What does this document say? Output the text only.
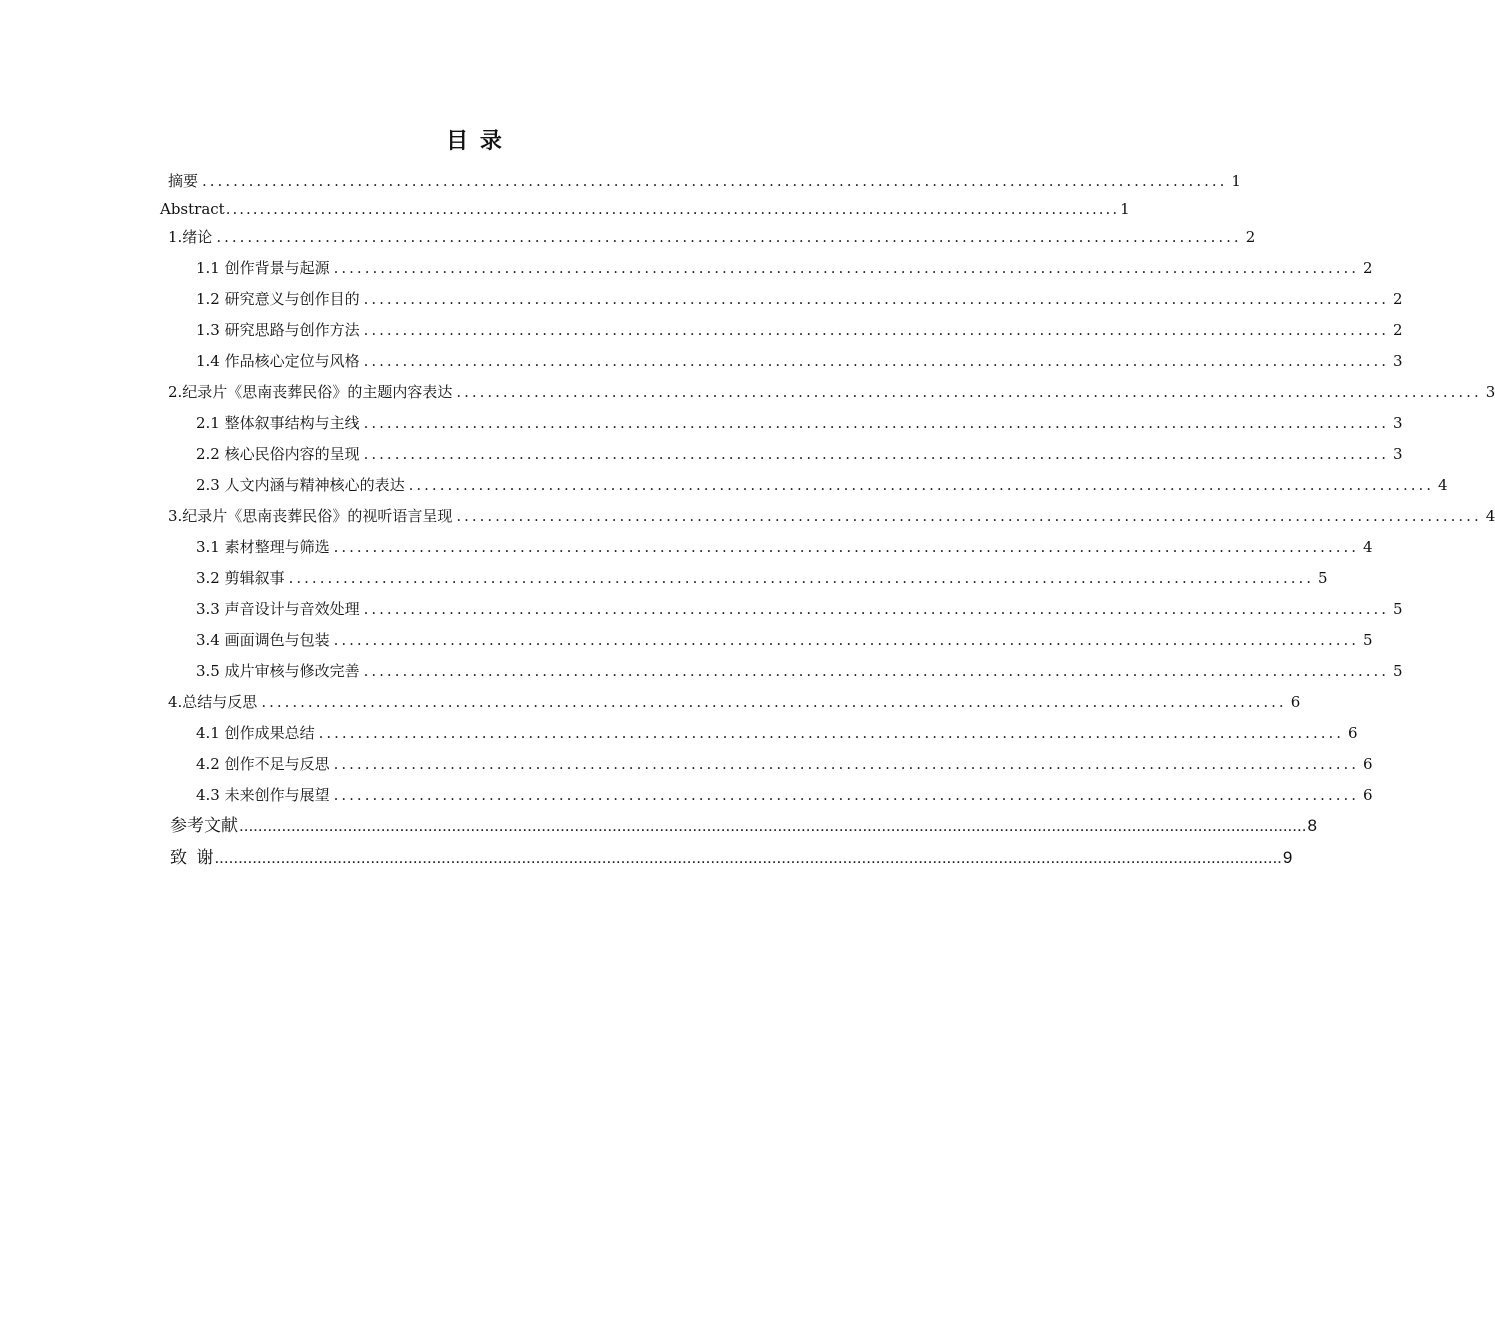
目 录
摘要 .................................................................................................................................... 1
Abstract .................................................................................................................................... 1
1.绪论 .................................................................................................................................... 2
1.1 创作背景与起源 .................................................................................................................................... 2
1.2 研究意义与创作目的 .................................................................................................................................... 2
1.3 研究思路与创作方法 .................................................................................................................................... 2
1.4 作品核心定位与风格 .................................................................................................................................... 3
2.纪录片《思南丧葬民俗》的主题内容表达 .................................................................................................................................... 3
2.1 整体叙事结构与主线 .................................................................................................................................... 3
2.2 核心民俗内容的呈现 .................................................................................................................................... 3
2.3 人文内涵与精神核心的表达 .................................................................................................................................... 4
3.纪录片《思南丧葬民俗》的视听语言呈现 .................................................................................................................................... 4
3.1 素材整理与筛选 .................................................................................................................................... 4
3.2 剪辑叙事 .................................................................................................................................... 5
3.3 声音设计与音效处理 .................................................................................................................................... 5
3.4 画面调色与包装 .................................................................................................................................... 5
3.5 成片审核与修改完善 .................................................................................................................................... 5
4.总结与反思 .................................................................................................................................... 6
4.1 创作成果总结 .................................................................................................................................... 6
4.2 创作不足与反思 .................................................................................................................................... 6
4.3 未来创作与展望 .................................................................................................................................... 6
参考文献 .................................................................................................................................................................................................................................. 8
致  谢 .................................................................................................................................................................................................................................. 9
